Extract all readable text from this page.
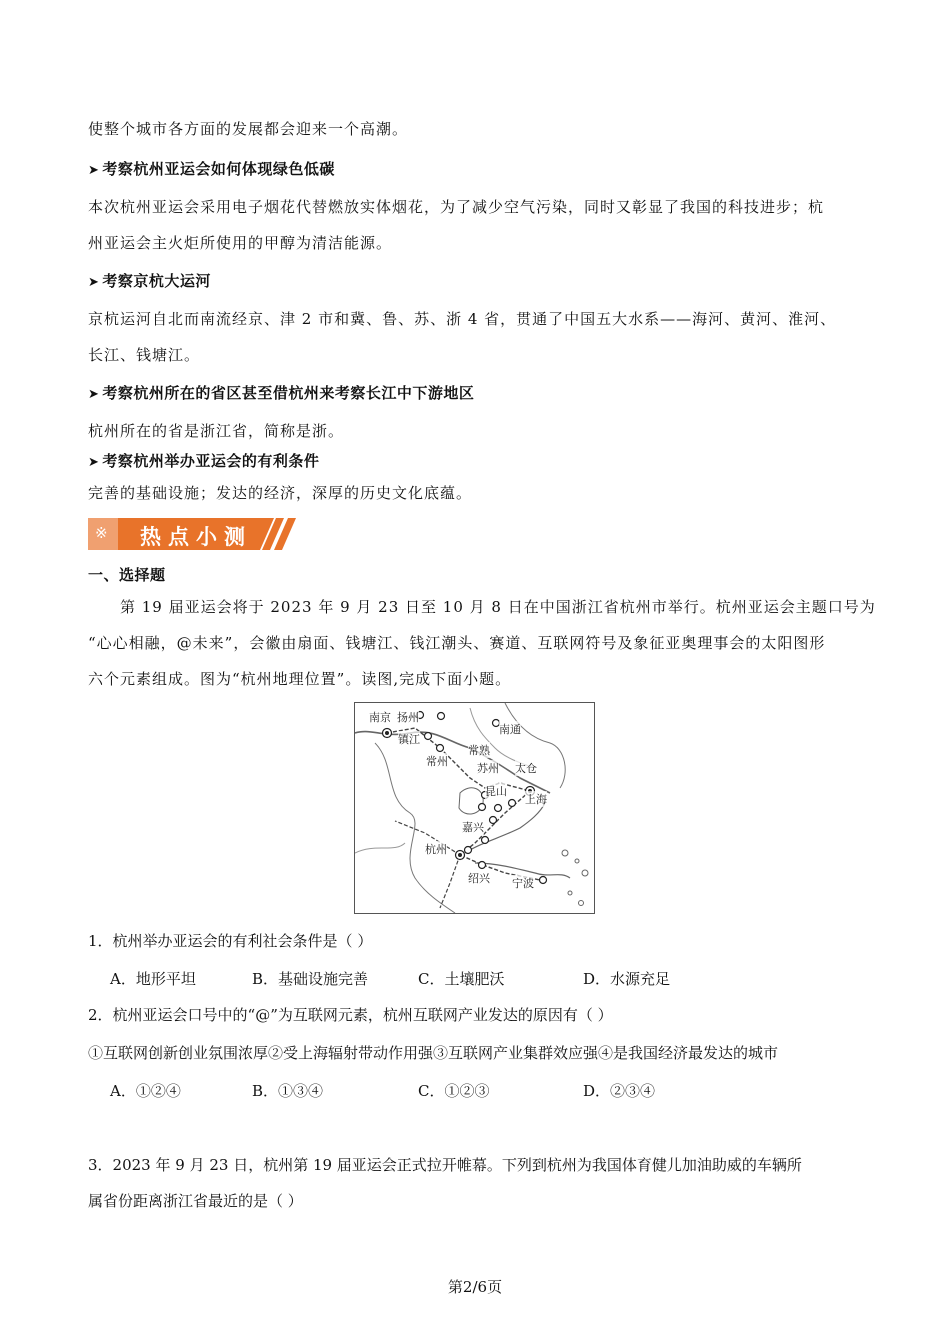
使整个城市各方面的发展都会迎来一个高潮。
➤ 考察杭州亚运会如何体现绿色低碳
本次杭州亚运会采用电子烟花代替燃放实体烟花，为了减少空气污染，同时又彰显了我国的科技进步；杭
州亚运会主火炬所使用的甲醇为清洁能源。
➤ 考察京杭大运河
京杭运河自北而南流经京、津 2 市和冀、鲁、苏、浙 4 省，贯通了中国五大水系——海河、黄河、淮河、
长江、钱塘江。
➤ 考察杭州所在的省区甚至借杭州来考察长江中下游地区
杭州所在的省是浙江省，简称是浙。
➤ 考察杭州举办亚运会的有利条件
完善的基础设施；发达的经济，深厚的历史文化底蕴。
※ 热点小测
一、选择题
第 19 届亚运会将于 2023 年 9 月 23 日至 10 月 8 日在中国浙江省杭州市举行。杭州亚运会主题口号为
“心心相融，@未来”，会徽由扇面、钱塘江、钱江潮头、赛道、互联网符号及象征亚奥理事会的太阳图形
六个元素组成。图为“杭州地理位置”。读图,完成下面小题。
南京 扬州
镇江
南通
常州
常熟
苏州 太仓
昆山
上海
嘉兴
杭州
绍兴 宁波
1．杭州举办亚运会的有利社会条件是（ ）
A．地形平坦	B．基础设施完善	C．土壤肥沃	D．水源充足
2．杭州亚运会口号中的“@”为互联网元素，杭州互联网产业发达的原因有（ ）
①互联网创新创业氛围浓厚②受上海辐射带动作用强③互联网产业集群效应强④是我国经济最发达的城市
A．①②④	B．①③④	C．①②③	D．②③④
3．2023 年 9 月 23 日，杭州第 19 届亚运会正式拉开帷幕。下列到杭州为我国体育健儿加油助威的车辆所
属省份距离浙江省最近的是（ ）
第2/6页
